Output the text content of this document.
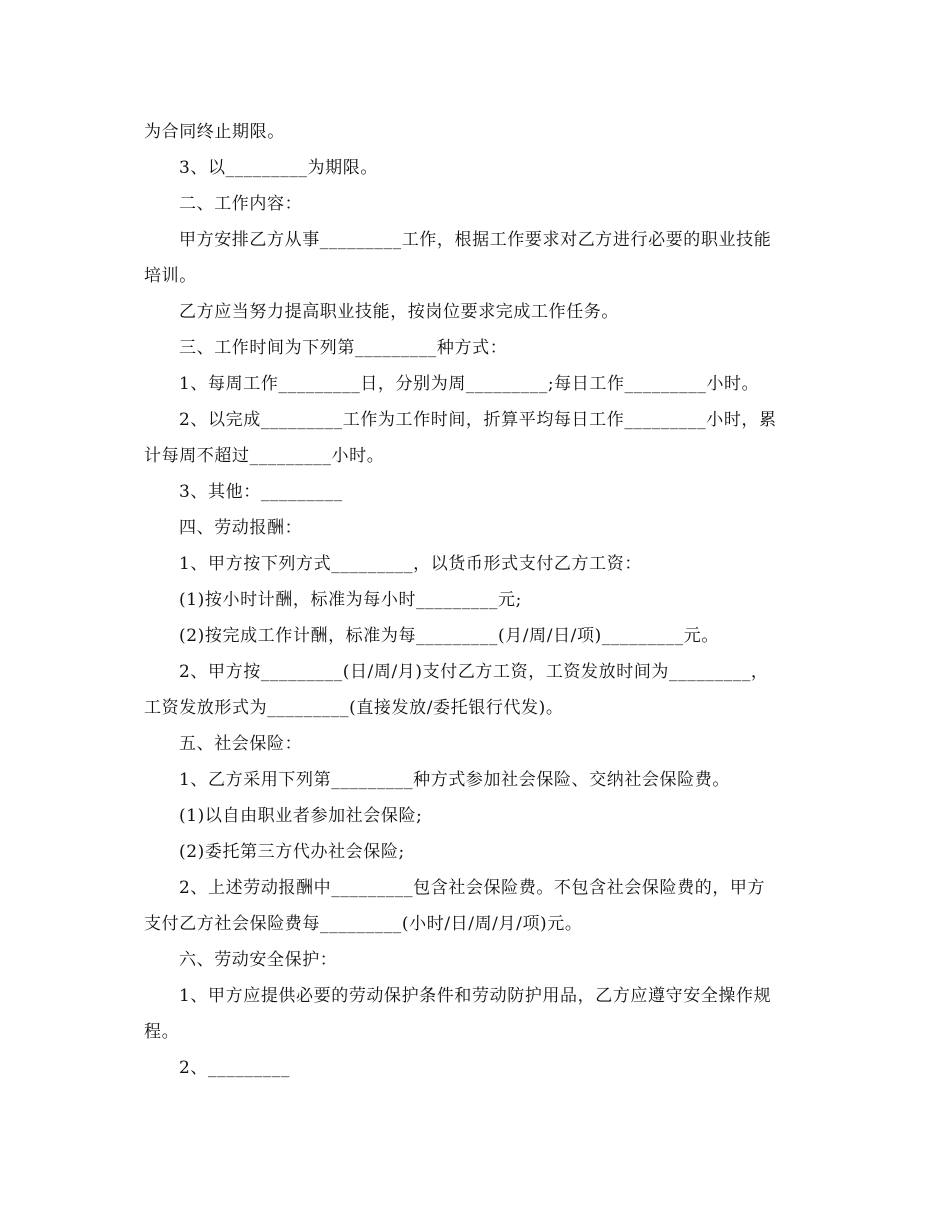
为合同终止期限。
3、以_________为期限。
二、工作内容：
甲方安排乙方从事_________工作，根据工作要求对乙方进行必要的职业技能
培训。
乙方应当努力提高职业技能，按岗位要求完成工作任务。
三、工作时间为下列第_________种方式：
1、每周工作_________日，分别为周_________;每日工作_________小时。
2、以完成_________工作为工作时间，折算平均每日工作_________小时，累
计每周不超过_________小时。
3、其他：_________
四、劳动报酬：
1、甲方按下列方式_________，以货币形式支付乙方工资：
(1)按小时计酬，标准为每小时_________元;
(2)按完成工作计酬，标准为每_________(月/周/日/项)_________元。
2、甲方按_________(日/周/月)支付乙方工资，工资发放时间为_________，
工资发放形式为_________(直接发放/委托银行代发)。
五、社会保险：
1、乙方采用下列第_________种方式参加社会保险、交纳社会保险费。
(1)以自由职业者参加社会保险;
(2)委托第三方代办社会保险;
2、上述劳动报酬中_________包含社会保险费。不包含社会保险费的，甲方
支付乙方社会保险费每_________(小时/日/周/月/项)元。
六、劳动安全保护：
1、甲方应提供必要的劳动保护条件和劳动防护用品，乙方应遵守安全操作规
程。
2、_________
